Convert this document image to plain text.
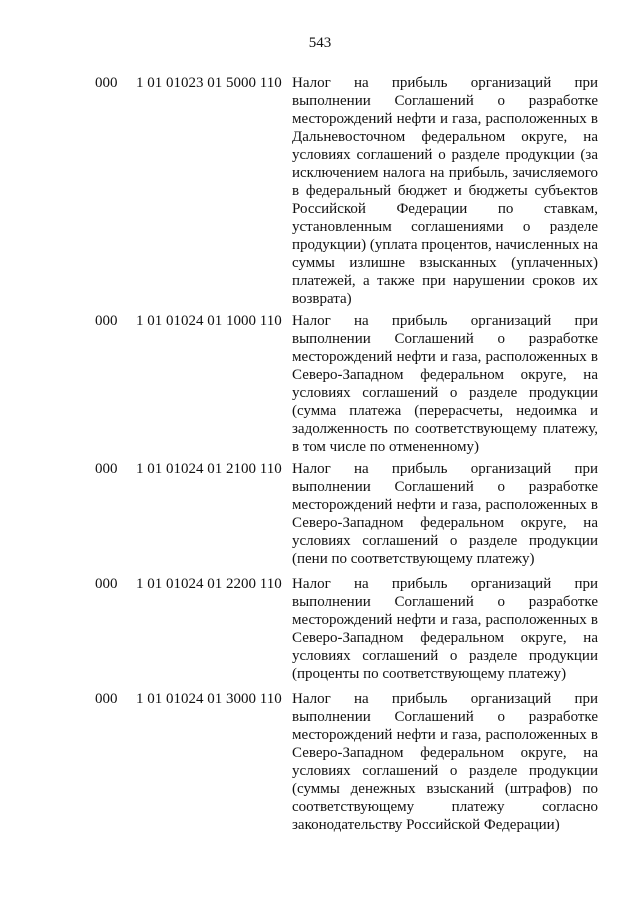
543
000 1 01 01023 01 5000 110 Налог на прибыль организаций при выполнении Соглашений о разработке месторождений нефти и газа, расположенных в Дальневосточном федеральном округе, на условиях соглашений о разделе продукции (за исключением налога на прибыль, зачисляемого в федеральный бюджет и бюджеты субъектов Российской Федерации по ставкам, установленным соглашениями о разделе продукции) (уплата процентов, начисленных на суммы излишне взысканных (уплаченных) платежей, а также при нарушении сроков их возврата)
000 1 01 01024 01 1000 110 Налог на прибыль организаций при выполнении Соглашений о разработке месторождений нефти и газа, расположенных в Северо-Западном федеральном округе, на условиях соглашений о разделе продукции (сумма платежа (перерасчеты, недоимка и задолженность по соответствующему платежу, в том числе по отмененному)
000 1 01 01024 01 2100 110 Налог на прибыль организаций при выполнении Соглашений о разработке месторождений нефти и газа, расположенных в Северо-Западном федеральном округе, на условиях соглашений о разделе продукции (пени по соответствующему платежу)
000 1 01 01024 01 2200 110 Налог на прибыль организаций при выполнении Соглашений о разработке месторождений нефти и газа, расположенных в Северо-Западном федеральном округе, на условиях соглашений о разделе продукции (проценты по соответствующему платежу)
000 1 01 01024 01 3000 110 Налог на прибыль организаций при выполнении Соглашений о разработке месторождений нефти и газа, расположенных в Северо-Западном федеральном округе, на условиях соглашений о разделе продукции (суммы денежных взысканий (штрафов) по соответствующему платежу согласно законодательству Российской Федерации)
